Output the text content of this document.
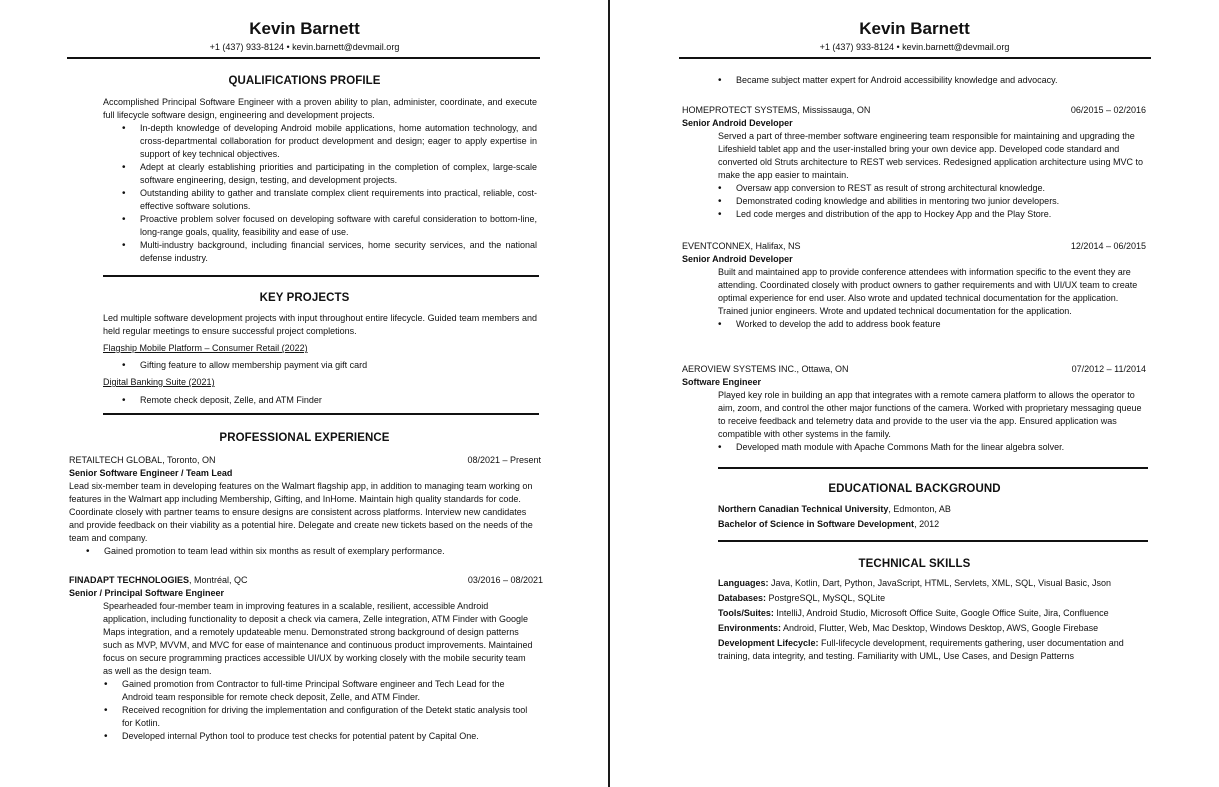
Kevin Barnett
+1 (437) 933-8124 • kevin.barnett@devmail.org
QUALIFICATIONS PROFILE

Accomplished Principal Software Engineer with a proven ability to plan, administer, coordinate, and execute full lifecycle software design, engineering and development projects.

• In-depth knowledge of developing Android mobile applications, home automation technology, and cross-departmental collaboration for product development and design; eager to apply expertise in support of key technical objectives.
• Adept at clearly establishing priorities and participating in the completion of complex, large-scale software engineering, design, testing, and development projects.
• Outstanding ability to gather and translate complex client requirements into practical, reliable, cost-effective software solutions.
• Proactive problem solver focused on developing software with careful consideration to bottom-line, long-range goals, quality, feasibility and ease of use.
• Multi-industry background, including financial services, home security services, and the national defense industry.
KEY PROJECTS

Led multiple software development projects with input throughout entire lifecycle. Guided team members and held regular meetings to ensure successful project completions.

Flagship Mobile Platform – Consumer Retail (2022)

• Gifting feature to allow membership payment via gift card

Digital Banking Suite (2021)

• Remote check deposit, Zelle, and ATM Finder
PROFESSIONAL EXPERIENCE
RETAILTECH GLOBAL, Toronto, ON	08/2021 – Present

Senior Software Engineer / Team Lead

Lead six-member team in developing features on the Walmart flagship app, in addition to managing team working on features in the Walmart app including Membership, Gifting, and InHome. Maintain high quality standards for code. Coordinate closely with partner teams to ensure designs are consistent across platforms. Interview new candidates and provide feedback on their viability as a potential hire. Delegate and create new tickets based on the needs of the team and company.

• Gained promotion to team lead within six months as result of exemplary performance.
FINADAPT TECHNOLOGIES, Montréal, QC	03/2016 – 08/2021

Senior / Principal Software Engineer

Spearheaded four-member team in improving features in a scalable, resilient, accessible Android application, including functionality to deposit a check via camera, Zelle integration, ATM Finder with Google Maps integration, and a remotely updateable menu. Demonstrated strong background of design patterns such as MVP, MVVM, and MVC for ease of maintenance and continuous product improvements. Maintained focus on secure programming practices accessible UI/UX by working closely with the mobile security team as well as the design team.

• Gained promotion from Contractor to full-time Principal Software engineer and Tech Lead for the Android team responsible for remote check deposit, Zelle, and ATM Finder.
• Received recognition for driving the implementation and configuration of the Detekt static analysis tool for Kotlin.
• Developed internal Python tool to produce test checks for potential patent by Capital One.
Kevin Barnett
+1 (437) 933-8124 • kevin.barnett@devmail.org
• Became subject matter expert for Android accessibility knowledge and advocacy.
HOMEPROTECT SYSTEMS, Mississauga, ON	06/2015 – 02/2016

Senior Android Developer

Served a part of three-member software engineering team responsible for maintaining and upgrading the Lifeshield tablet app and the user-installed bring your own device app. Developed code standard and converted old Struts architecture to REST web services. Redesigned application architecture using MVC to make the app easier to maintain.

• Oversaw app conversion to REST as result of strong architectural knowledge.
• Demonstrated coding knowledge and abilities in mentoring two junior developers.
• Led code merges and distribution of the app to Hockey App and the Play Store.
EVENTCONNEX, Halifax, NS	12/2014 – 06/2015

Senior Android Developer

Built and maintained app to provide conference attendees with information specific to the event they are attending. Coordinated closely with product owners to gather requirements and with UI/UX team to create optimal experience for end user. Also wrote and updated technical documentation for the application. Trained junior engineers. Wrote and updated technical documentation for the application.

• Worked to develop the add to address book feature
AEROVIEW SYSTEMS INC., Ottawa, ON	07/2012 – 11/2014

Software Engineer

Played key role in building an app that integrates with a remote camera platform to allows the operator to aim, zoom, and control the other major functions of the camera. Worked with proprietary messaging queue to receive feedback and telemetry data and provide to the user via the app. Ensured application was compatible with other systems in the family.

• Developed math module with Apache Commons Math for the linear algebra solver.
EDUCATIONAL BACKGROUND

Northern Canadian Technical University, Edmonton, AB

Bachelor of Science in Software Development, 2012

TECHNICAL SKILLS

Languages: Java, Kotlin, Dart, Python, JavaScript, HTML, Servlets, XML, SQL, Visual Basic, Json

Databases: PostgreSQL, MySQL, SQLite

Tools/Suites: IntelliJ, Android Studio, Microsoft Office Suite, Google Office Suite, Jira, Confluence

Environments: Android, Flutter, Web, Mac Desktop, Windows Desktop, AWS, Google Firebase

Development Lifecycle: Full-lifecycle development, requirements gathering, user documentation and training, data integrity, and testing. Familiarity with UML, Use Cases, and Design Patterns
